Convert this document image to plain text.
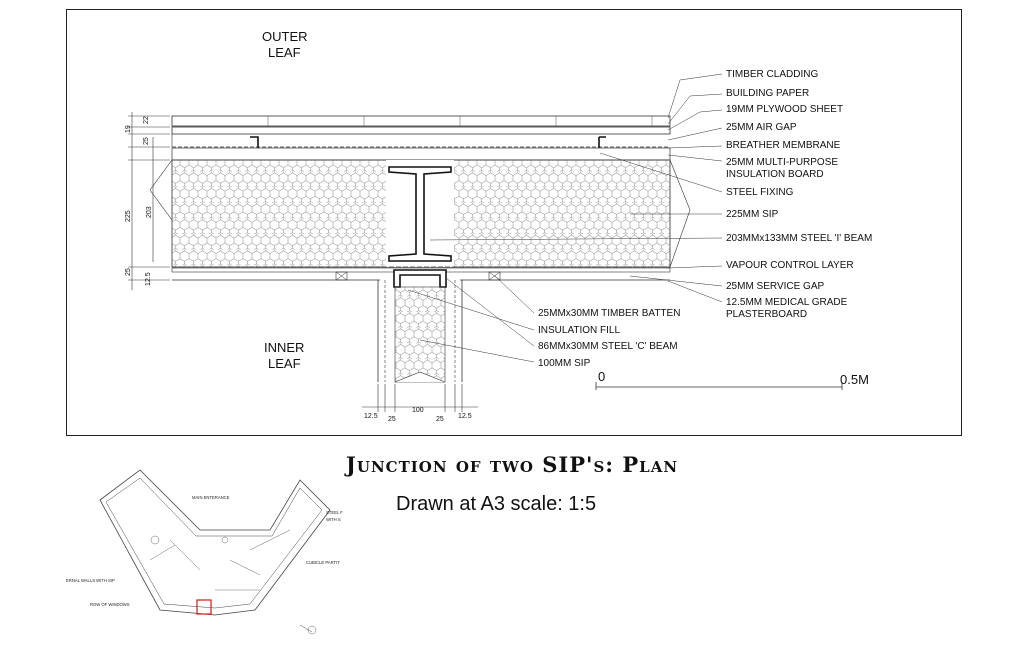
22
19
25
225 203
25
12.5
12.5 25
100
25 12.5
OUTER
LEAF
INNER
LEAF
TIMBER CLADDING
BUILDING PAPER
19MM PLYWOOD SHEET
25MM AIR GAP
BREATHER MEMBRANE
25MM MULTI-PURPOSE
INSULATION BOARD
STEEL FIXING
225MM SIP
203MMx133MM STEEL 'I' BEAM
VAPOUR CONTROL LAYER
25MM SERVICE GAP
12.5MM MEDICAL GRADE
PLASTERBOARD
25MMx30MM TIMBER BATTEN
INSULATION FILL
86MMx30MM STEEL 'C' BEAM
100MM SIP
0	0.5M
MAIN ENTERANCE
STEEL F
WITH S
CUBICLE PARTIT
ERNAL WALLS WITH SIP
ROW OF WINDOWS
Junction of two SIP's: Plan
Drawn at A3 scale: 1:5
